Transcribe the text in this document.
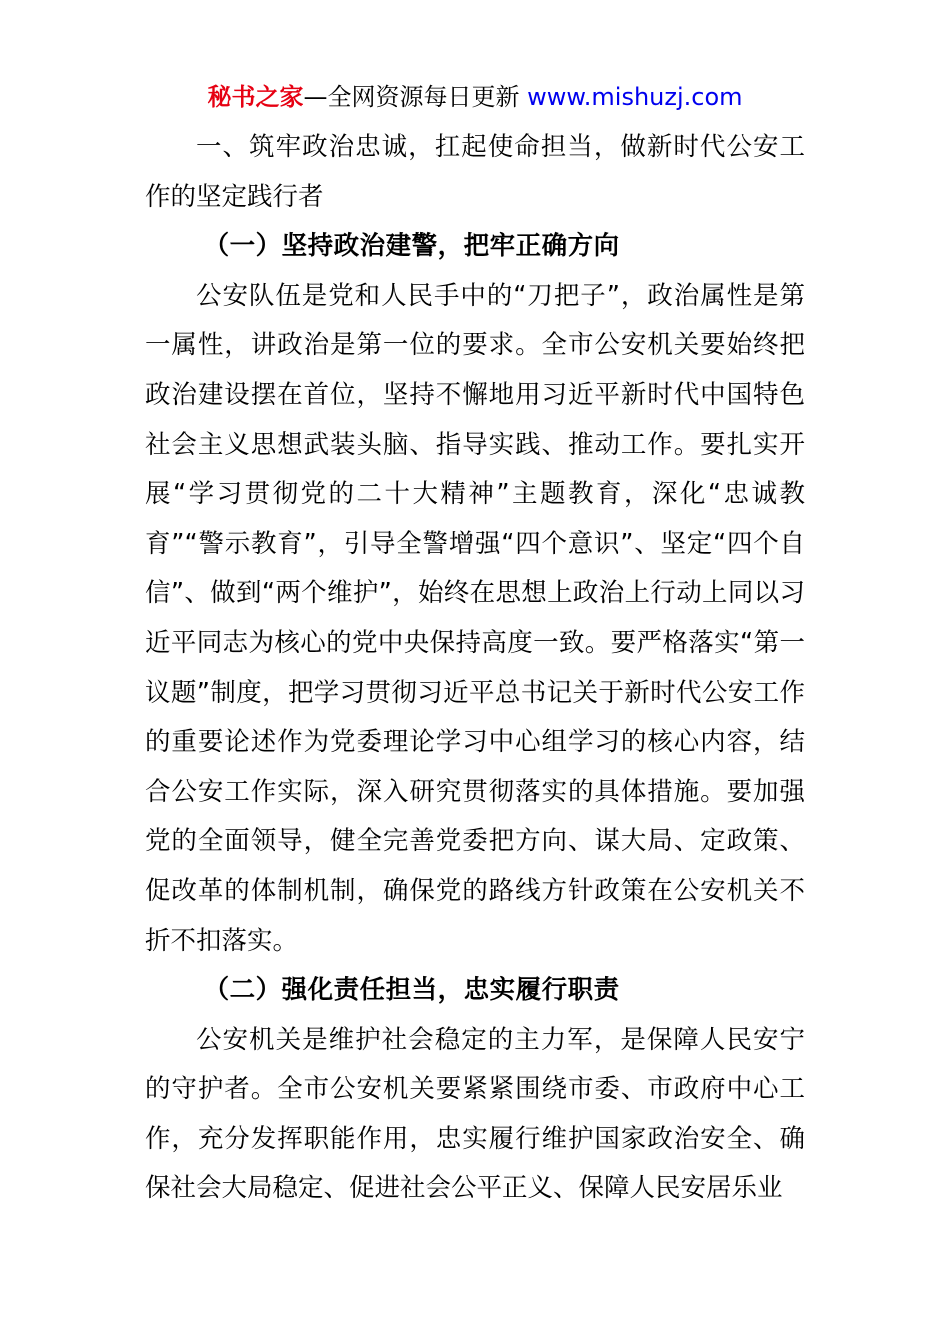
秘书之家—全网资源每日更新 www.mishuzj.com

一、筑牢政治忠诚，扛起使命担当，做新时代公安工作的坚定践行者

（一）坚持政治建警，把牢正确方向

公安队伍是党和人民手中的“刀把子”，政治属性是第一属性，讲政治是第一位的要求。全市公安机关要始终把政治建设摆在首位，坚持不懈地用习近平新时代中国特色社会主义思想武装头脑、指导实践、推动工作。要扎实开展“学习贯彻党的二十大精神”主题教育，深化“忠诚教育”“警示教育”，引导全警增强“四个意识”、坚定“四个自信”、做到“两个维护”，始终在思想上政治上行动上同以习近平同志为核心的党中央保持高度一致。要严格落实“第一议题”制度，把学习贯彻习近平总书记关于新时代公安工作的重要论述作为党委理论学习中心组学习的核心内容，结合公安工作实际，深入研究贯彻落实的具体措施。要加强党的全面领导，健全完善党委把方向、谋大局、定政策、促改革的体制机制，确保党的路线方针政策在公安机关不折不扣落实。

（二）强化责任担当，忠实履行职责

公安机关是维护社会稳定的主力军，是保障人民安宁的守护者。全市公安机关要紧紧围绕市委、市政府中心工作，充分发挥职能作用，忠实履行维护国家政治安全、确保社会大局稳定、促进社会公平正义、保障人民安居乐业
